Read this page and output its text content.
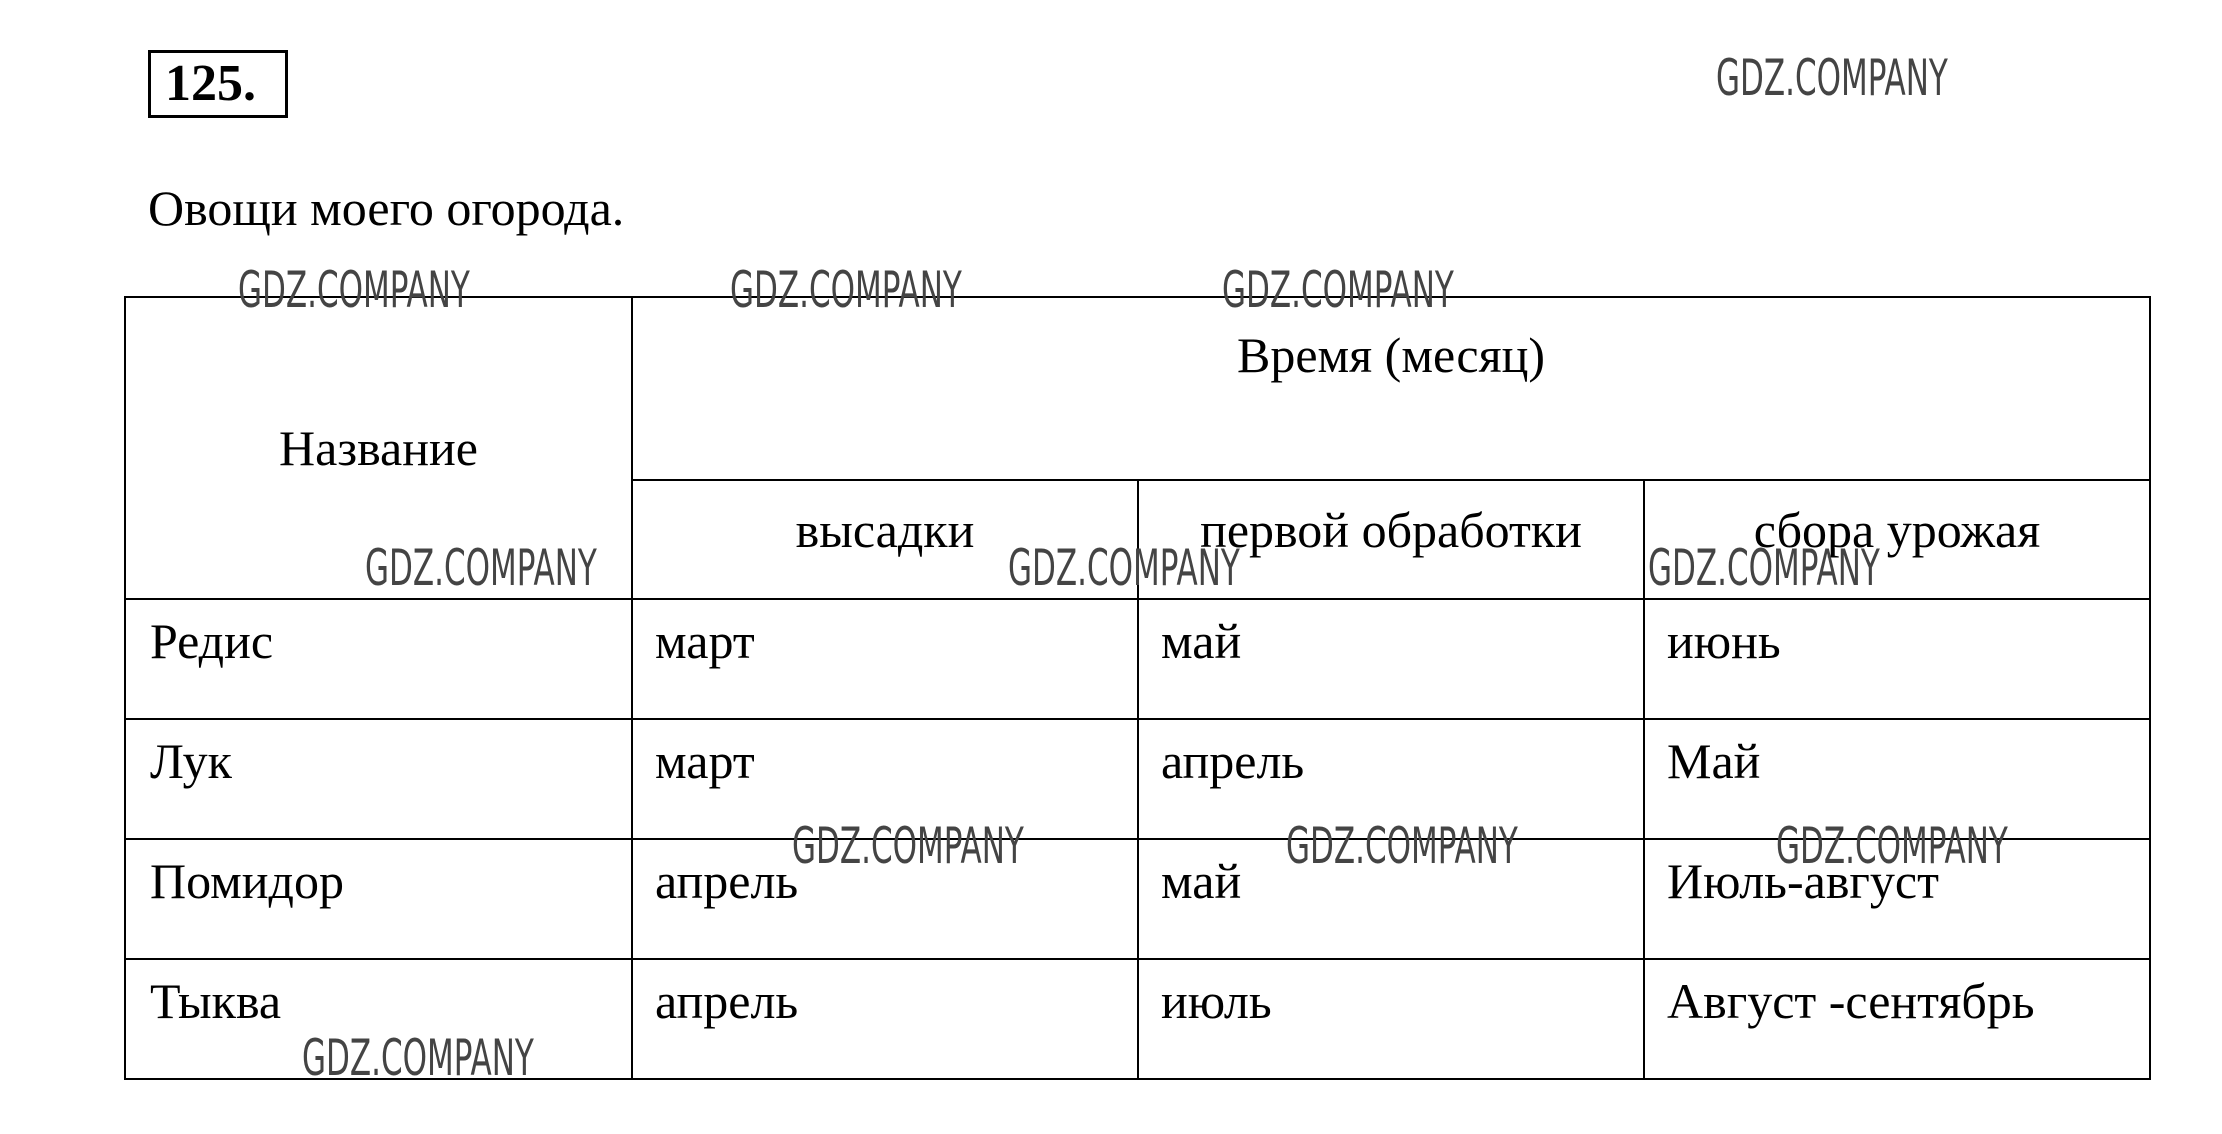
125.	GDZ.COMPANY
Овощи моего огорода.
Название	Время (месяц)		
	высадки	первой обработки	сбора урожая
Редис	март	май	июнь
Лук	март	апрель	Май
Помидор	апрель	май	Июль-август
Тыква	апрель	июль	Август -сентябрь
GDZ.COMPANY	GDZ.COMPANY	GDZ.COMPANY
GDZ.COMPANY	GDZ.COMPANY	GDZ.COMPANY
GDZ.COMPANY	GDZ.COMPANY	GDZ.COMPANY
GDZ.COMPANY
